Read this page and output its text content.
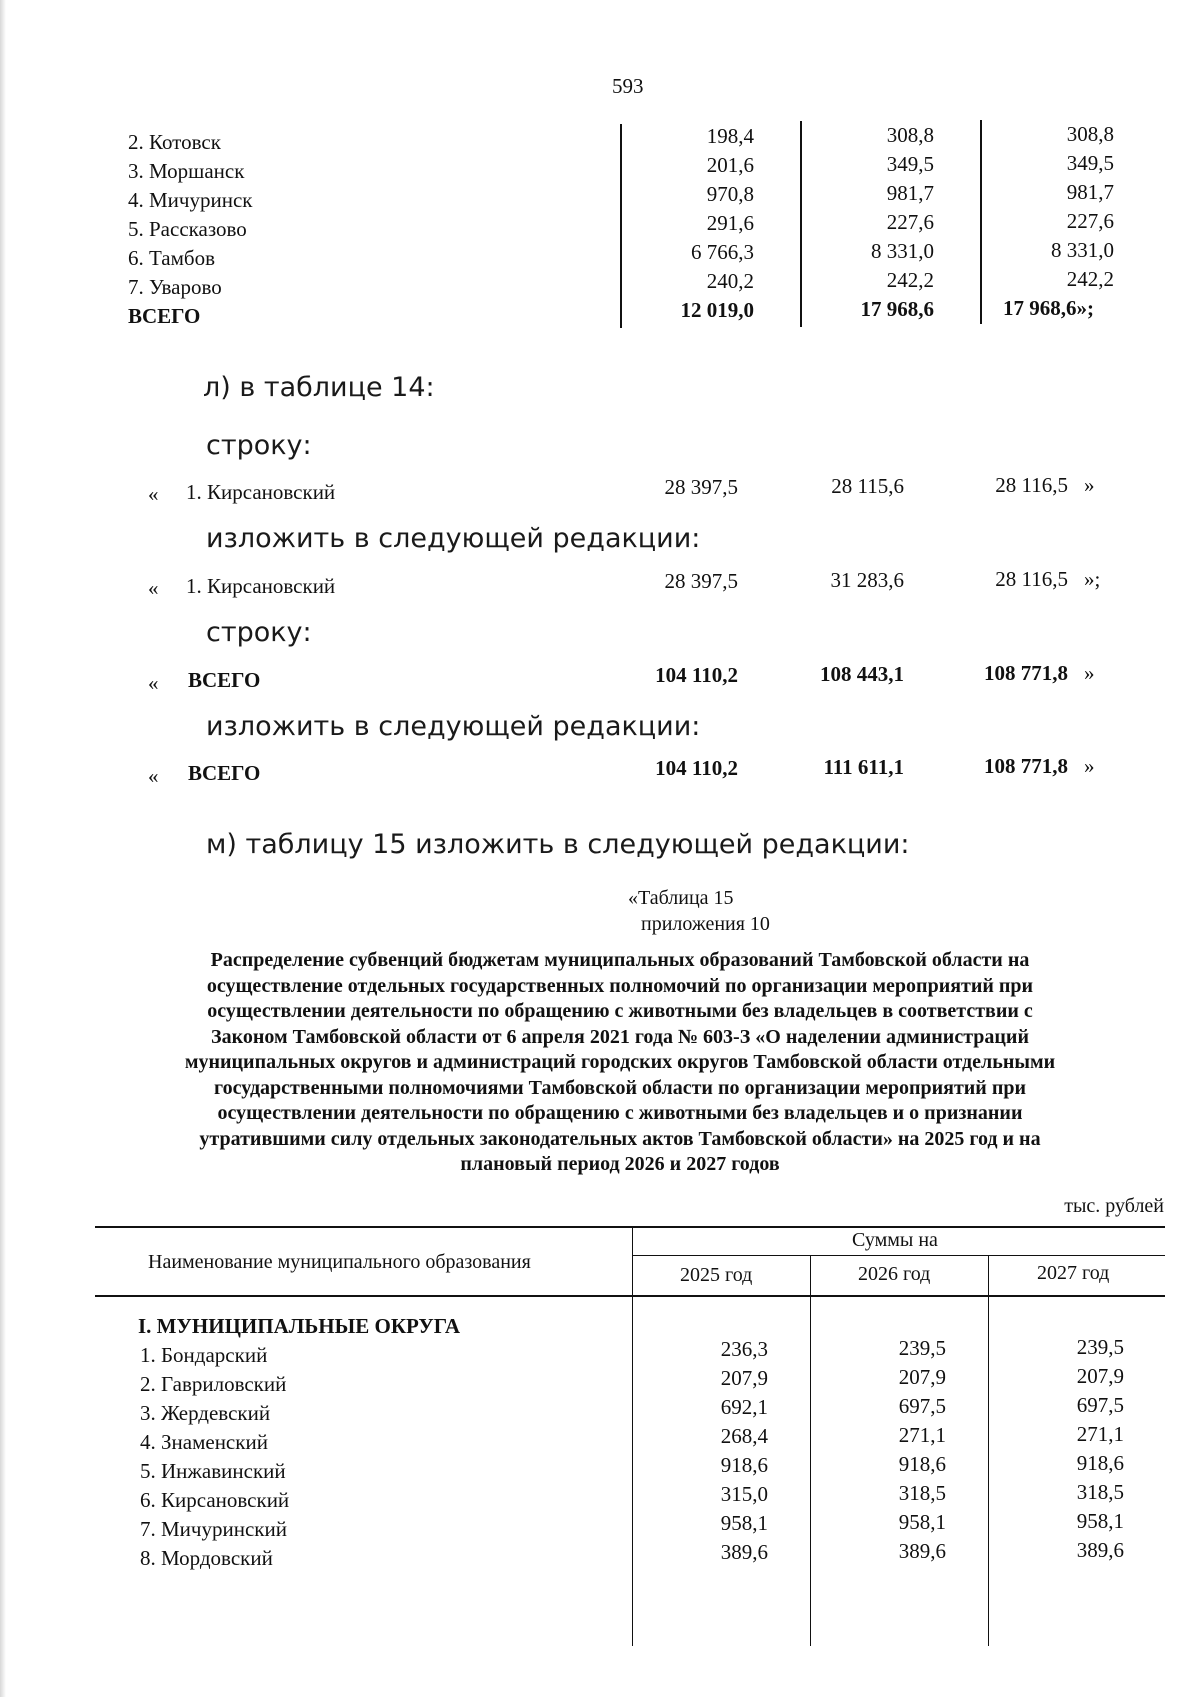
593
2. Котовск	198,4	308,8	308,8
3. Моршанск	201,6	349,5	349,5
4. Мичуринск	970,8	981,7	981,7
5. Рассказово	291,6	227,6	227,6
6. Тамбов	6 766,3	8 331,0	8 331,0
7. Уварово	240,2	242,2	242,2
ВСЕГО	12 019,0	17 968,6	17 968,6»;
л) в таблице 14:
строку:
« 1. Кирсановский	28 397,5	28 115,6	28 116,5 »
изложить в следующей редакции:
« 1. Кирсановский	28 397,5	31 283,6	28 116,5 »;
строку:
« ВСЕГО	104 110,2	108 443,1	108 771,8 »
изложить в следующей редакции:
« ВСЕГО	104 110,2	111 611,1	108 771,8 »
м) таблицу 15 изложить в следующей редакции:
«Таблица 15
приложения 10
Распределение субвенций бюджетам муниципальных образований Тамбовской области на
осуществление отдельных государственных полномочий по организации мероприятий при
осуществлении деятельности по обращению с животными без владельцев в соответствии с
Законом Тамбовской области от 6 апреля 2021 года № 603-З «О наделении администраций
муниципальных округов и администраций городских округов Тамбовской области отдельными
государственными полномочиями Тамбовской области по организации мероприятий при
осуществлении деятельности по обращению с животными без владельцев и о признании
утратившими силу отдельных законодательных актов Тамбовской области» на 2025 год и на
плановый период 2026 и 2027 годов
тыс. рублей
Наименование муниципального образования
Суммы на
2025 год	2026 год	2027 год
I. МУНИЦИПАЛЬНЫЕ ОКРУГА
1. Бондарский	236,3	239,5	239,5
2. Гавриловский	207,9	207,9	207,9
3. Жердевский	692,1	697,5	697,5
4. Знаменский	268,4	271,1	271,1
5. Инжавинский	918,6	918,6	918,6
6. Кирсановский	315,0	318,5	318,5
7. Мичуринский	958,1	958,1	958,1
8. Мордовский	389,6	389,6	389,6
